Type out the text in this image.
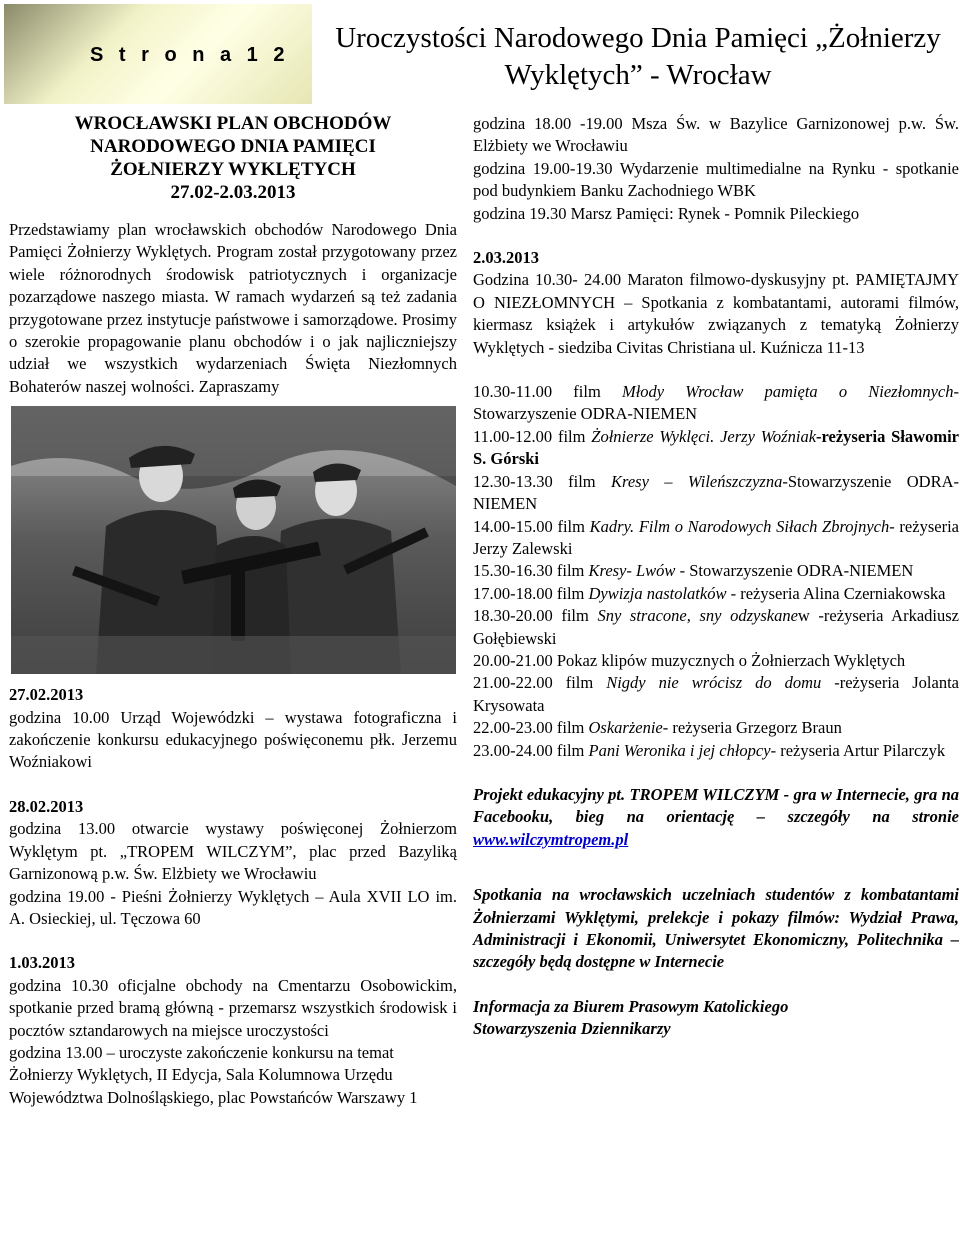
S t r o n a 1 2
Uroczystości Narodowego Dnia Pamięci „Żołnierzy Wyklętych” - Wrocław
WROCŁAWSKI PLAN OBCHODÓW
NARODOWEGO DNIA PAMIĘCI
ŻOŁNIERZY WYKLĘTYCH
27.02-2.03.2013

Przedstawiamy plan wrocławskich obchodów Narodowego Dnia Pamięci Żołnierzy Wyklętych. Program został przygotowany przez wiele różnorodnych środowisk patriotycznych i organizacje pozarządowe naszego miasta. W ramach wydarzeń są też zadania przygotowane przez instytucje państwowe i samorządowe. Prosimy o szerokie propagowanie planu obchodów i o jak najliczniejszy udział we wszystkich wydarzeniach Święta Niezłomnych Bohaterów naszej wolności. Zapraszamy

27.02.2013

godzina 10.00 Urząd Wojewódzki – wystawa fotograficzna i zakończenie konkursu edukacyjnego poświęconemu płk. Jerzemu Woźniakowi

28.02.2013

godzina 13.00 otwarcie wystawy poświęconej Żołnierzom Wyklętym pt. „TROPEM WILCZYM”, plac przed Bazyliką Garnizonową p.w. Św. Elżbiety we Wrocławiu

godzina 19.00 - Pieśni Żołnierzy Wyklętych – Aula XVII LO im. A. Osieckiej, ul. Tęczowa 60

1.03.2013

godzina 10.30 oficjalne obchody na Cmentarzu Osobowickim, spotkanie przed bramą główną - przemarsz wszystkich środowisk i pocztów sztandarowych na miejsce uroczystości

godzina 13.00 – uroczyste zakończenie konkursu na temat Żołnierzy Wyklętych, II Edycja, Sala Kolumnowa Urzędu Województwa Dolnośląskiego, plac Powstańców Warszawy 1

godzina 18.00 -19.00 Msza Św. w Bazylice Garnizonowej p.w. Św. Elżbiety we Wrocławiu

godzina 19.00-19.30 Wydarzenie multimedialne na Rynku - spotkanie pod budynkiem Banku Zachodniego WBK

godzina 19.30 Marsz Pamięci: Rynek - Pomnik Pileckiego

2.03.2013

Godzina 10.30- 24.00 Maraton filmowo-dyskusyjny pt. PAMIĘTAJMY O NIEZŁOMNYCH – Spotkania z kombatantami, autorami filmów, kiermasz książek i artykułów związanych z tematyką Żołnierzy Wyklętych - siedziba Civitas Christiana ul. Kuźnicza 11-13

10.30-11.00 film Młody Wrocław pamięta o Niezłomnych-Stowarzyszenie ODRA-NIEMEN

11.00-12.00 film Żołnierze Wyklęci. Jerzy Woźniak-reżyseria Sławomir S. Górski

12.30-13.30 film Kresy – Wileńszczyzna-Stowarzyszenie ODRA-NIEMEN

14.00-15.00 film Kadry. Film o Narodowych Siłach Zbrojnych- reżyseria Jerzy Zalewski

15.30-16.30 film Kresy- Lwów - Stowarzyszenie ODRA-NIEMEN

17.00-18.00 film Dywizja nastolatków - reżyseria Alina Czerniakowska

18.30-20.00 film Sny stracone, sny odzyskanew -reżyseria Arkadiusz Gołębiewski

20.00-21.00 Pokaz klipów muzycznych o Żołnierzach Wyklętych

21.00-22.00 film Nigdy nie wrócisz do domu -reżyseria Jolanta Krysowata

22.00-23.00 film Oskarżenie- reżyseria Grzegorz Braun

23.00-24.00 film Pani Weronika i jej chłopcy- reżyseria Artur Pilarczyk

Projekt edukacyjny pt. TROPEM WILCZYM - gra w Internecie, gra na Facebooku, bieg na orientację – szczegóły na stronie www.wilczymtropem.pl

Spotkania na wrocławskich uczelniach studentów z kombatantami Żołnierzami Wyklętymi, prelekcje i pokazy filmów: Wydział Prawa, Administracji i Ekonomii, Uniwersytet Ekonomiczny, Politechnika – szczegóły będą dostępne w Internecie

Informacja za Biurem Prasowym Katolickiego

Stowarzyszenia Dziennikarzy
